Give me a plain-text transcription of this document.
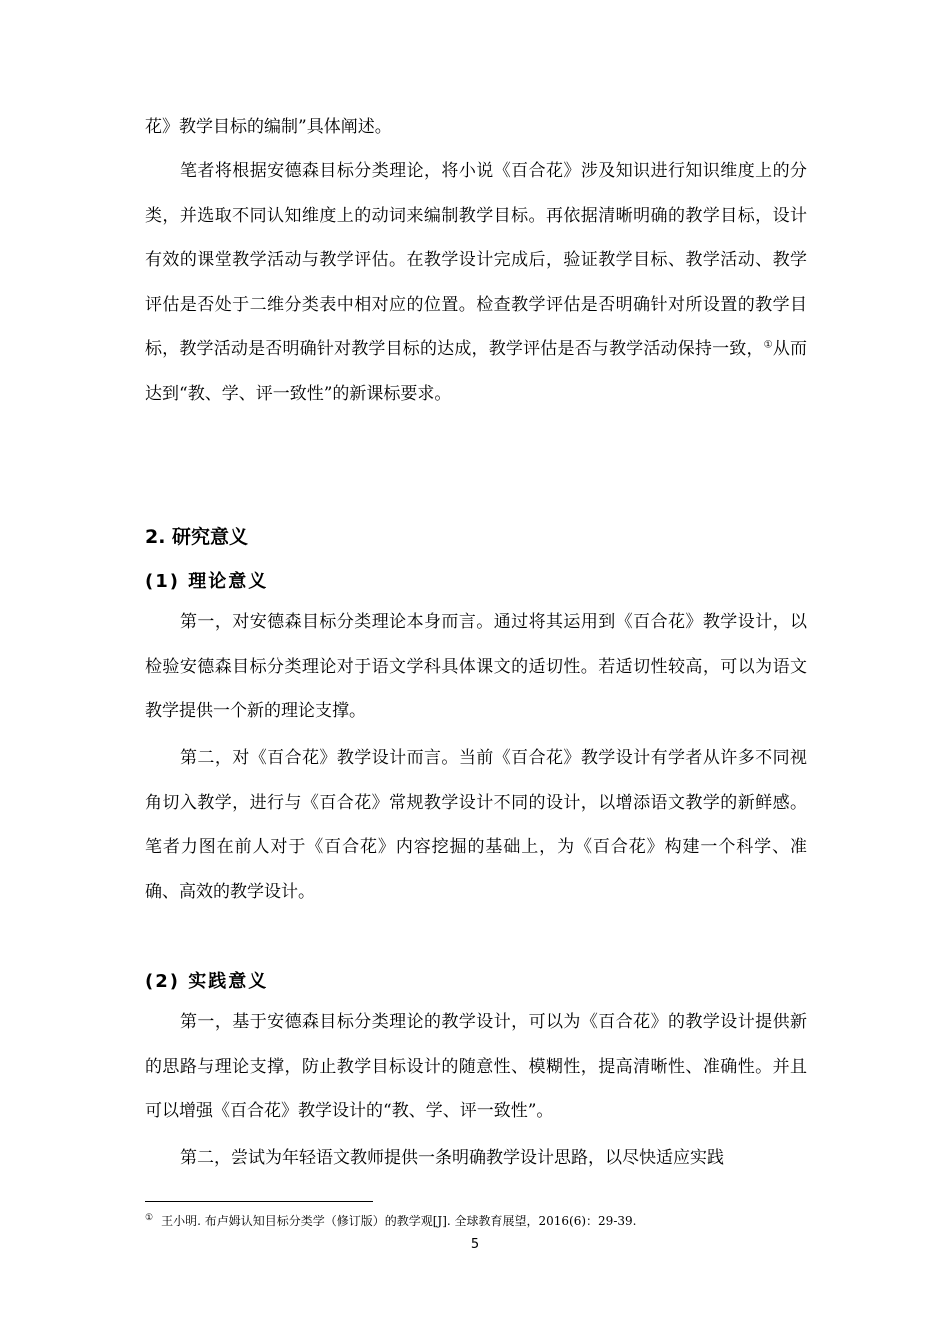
花》教学目标的编制”具体阐述。

笔者将根据安德森目标分类理论，将小说《百合花》涉及知识进行知识维度上的分类，并选取不同认知维度上的动词来编制教学目标。再依据清晰明确的教学目标，设计有效的课堂教学活动与教学评估。在教学设计完成后，验证教学目标、教学活动、教学评估是否处于二维分类表中相对应的位置。检查教学评估是否明确针对所设置的教学目标，教学活动是否明确针对教学目标的达成，教学评估是否与教学活动保持一致，①从而达到“教、学、评一致性”的新课标要求。

2. 研究意义
(1) 理论意义

第一，对安德森目标分类理论本身而言。通过将其运用到《百合花》教学设计，以检验安德森目标分类理论对于语文学科具体课文的适切性。若适切性较高，可以为语文教学提供一个新的理论支撑。

第二，对《百合花》教学设计而言。当前《百合花》教学设计有学者从许多不同视角切入教学，进行与《百合花》常规教学设计不同的设计，以增添语文教学的新鲜感。笔者力图在前人对于《百合花》内容挖掘的基础上，为《百合花》构建一个科学、准确、高效的教学设计。

(2) 实践意义

第一，基于安德森目标分类理论的教学设计，可以为《百合花》的教学设计提供新的思路与理论支撑，防止教学目标设计的随意性、模糊性，提高清晰性、准确性。并且可以增强《百合花》教学设计的“教、学、评一致性”。

第二，尝试为年轻语文教师提供一条明确教学设计思路，以尽快适应实践

① 王小明. 布卢姆认知目标分类学（修订版）的教学观[J]. 全球教育展望，2016(6)：29-39.

5
